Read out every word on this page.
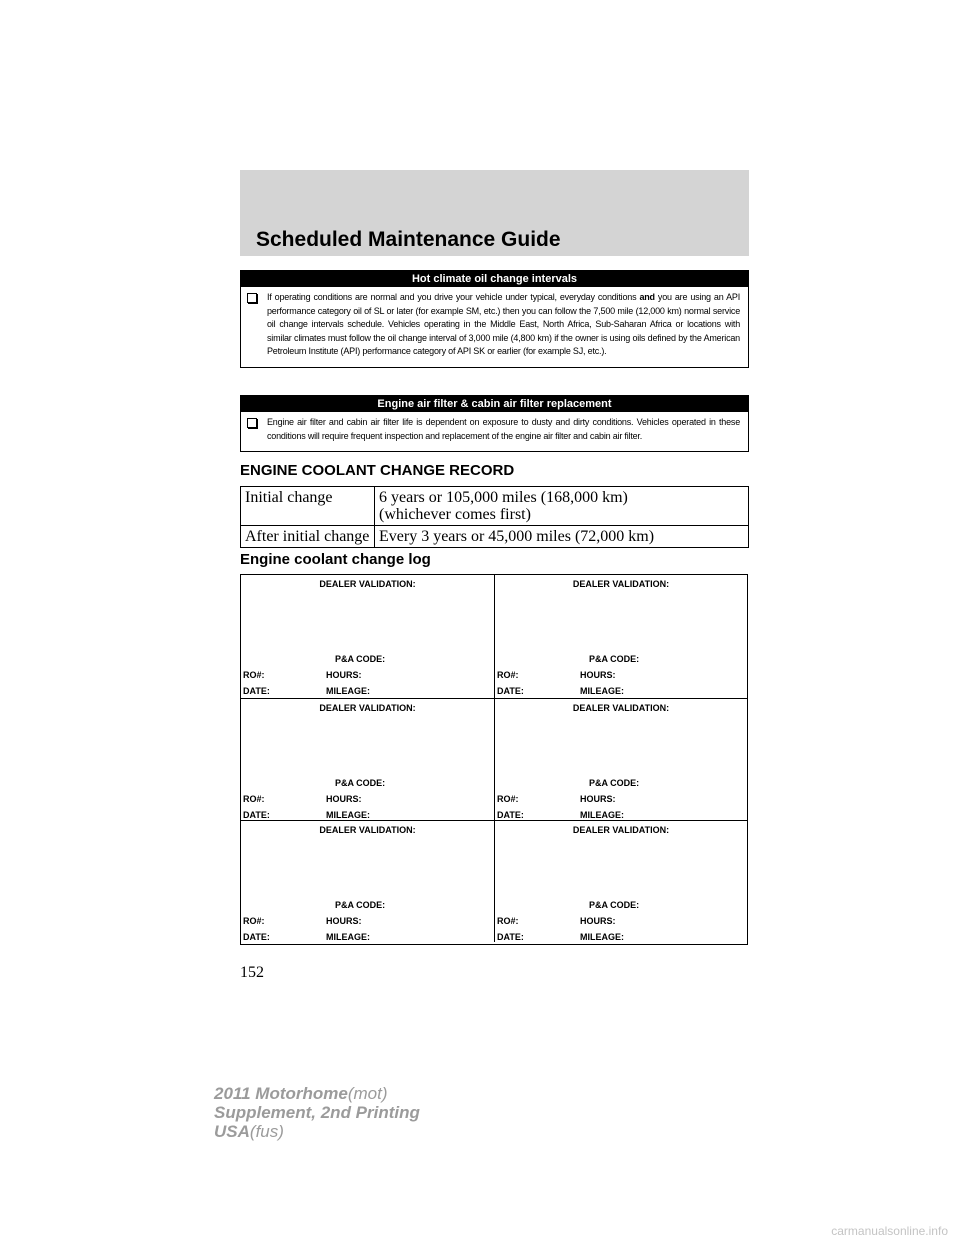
Scheduled Maintenance Guide
Hot climate oil change intervals

If operating conditions are normal and you drive your vehicle under typical, everyday conditions and you are using an API performance category oil of SL or later (for example SM, etc.) then you can follow the 7,500 mile (12,000 km) normal service oil change intervals schedule. Vehicles operating in the Middle East, North Africa, Sub-Saharan Africa or locations with similar climates must follow the oil change interval of 3,000 mile (4,800 km) if the owner is using oils defined by the American Petroleum Institute (API) performance category of API SK or earlier (for example SJ, etc.).

Engine air filter & cabin air filter replacement

Engine air filter and cabin air filter life is dependent on exposure to dusty and dirty conditions. Vehicles operated in these conditions will require frequent inspection and replacement of the engine air filter and cabin air filter.

ENGINE COOLANT CHANGE RECORD
Initial change	6 years or 105,000 miles (168,000 km)
(whichever comes first)

After initial change	Every 3 years or 45,000 miles (72,000 km)
Engine coolant change log
DEALER VALIDATION:
P&A CODE:
RO#:	HOURS:
DATE:	MILEAGE:
DEALER VALIDATION:
P&A CODE:
RO#:	HOURS:
DATE:	MILEAGE:
DEALER VALIDATION:
P&A CODE:
RO#:	HOURS:
DATE:	MILEAGE:
DEALER VALIDATION:
P&A CODE:
RO#:	HOURS:
DATE:	MILEAGE:
DEALER VALIDATION:
P&A CODE:
RO#:	HOURS:
DATE:	MILEAGE:
DEALER VALIDATION:
P&A CODE:
RO#:	HOURS:
DATE:	MILEAGE:
152
2011 Motorhome(mot)
Supplement, 2nd Printing
USA(fus)
carmanualsonline.info
